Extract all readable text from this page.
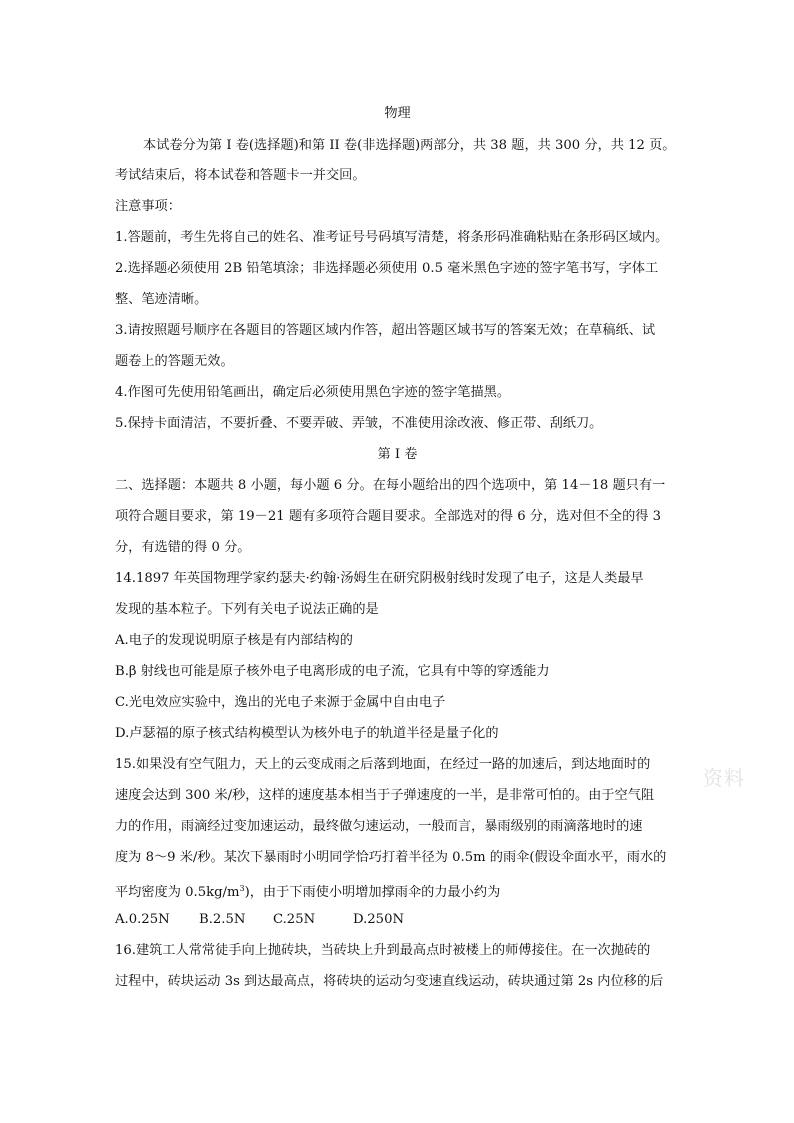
物理
本试卷分为第 I 卷(选择题)和第 II 卷(非选择题)两部分，共 38 题，共 300 分，共 12 页。
考试结束后，将本试卷和答题卡一并交回。
注意事项：
1.答题前，考生先将自己的姓名、准考证号号码填写清楚，将条形码准确粘贴在条形码区域内。
2.选择题必须使用 2B 铅笔填涂；非选择题必须使用 0.5 毫米黑色字迹的签字笔书写，字体工
整、笔迹清晰。
3.请按照题号顺序在各题目的答题区域内作答，超出答题区域书写的答案无效；在草稿纸、试
题卷上的答题无效。
4.作图可先使用铅笔画出，确定后必须使用黑色字迹的签字笔描黑。
5.保持卡面清洁，不要折叠、不要弄破、弄皱，不准使用涂改液、修正带、刮纸刀。
第 I 卷
二、选择题：本题共 8 小题，每小题 6 分。在每小题给出的四个选项中，第 14－18 题只有一
项符合题目要求，第 19－21 题有多项符合题目要求。全部选对的得 6 分，选对但不全的得 3
分，有选错的得 0 分。
14.1897 年英国物理学家约瑟夫·约翰·汤姆生在研究阴极射线时发现了电子，这是人类最早
发现的基本粒子。下列有关电子说法正确的是
A.电子的发现说明原子核是有内部结构的
B.β 射线也可能是原子核外电子电离形成的电子流，它具有中等的穿透能力
C.光电效应实验中，逸出的光电子来源于金属中自由电子
D.卢瑟福的原子核式结构模型认为核外电子的轨道半径是量子化的
15.如果没有空气阻力，天上的云变成雨之后落到地面，在经过一路的加速后，到达地面时的
速度会达到 300 米/秒，这样的速度基本相当于子弹速度的一半，是非常可怕的。由于空气阻
力的作用，雨滴经过变加速运动，最终做匀速运动，一般而言，暴雨级别的雨滴落地时的速
度为 8～9 米/秒。某次下暴雨时小明同学恰巧打着半径为 0.5m 的雨伞(假设伞面水平，雨水的
平均密度为 $0.5kg/m^3$)，由于下雨使小明增加撑雨伞的力最小约为
A.0.25N B.2.5N C.25N	D.250N
16.建筑工人常常徒手向上抛砖块，当砖块上升到最高点时被楼上的师傅接住。在一次抛砖的
过程中，砖块运动 3s 到达最高点，将砖块的运动匀变速直线运动，砖块通过第 2s 内位移的后
资料
